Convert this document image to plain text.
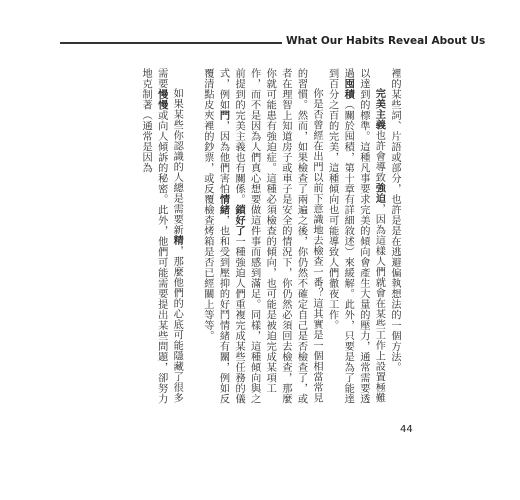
What Our Habits Reveal About Us

裡的某些詞、片語或部分，也許是是在逃避偏執想法的一個方法。

完美主義也許會導致強迫，因為這樣人們就會在某些工作上設置極難以達到的標準。這種凡事要求完美的傾向會產生大量的壓力，通常需要透過囤積（關於囤積，第十章有詳細敘述）來緩解。此外，只要是為了能達到百分之百的完美，這種傾向也可能導致人們徹夜工作。

你是否曾經在出門以前下意識地去檢查一番？這其實是一個相當常見的習慣。然而，如果檢查了兩遍之後，你仍然不確定自己是否檢查了，或者在理智上知道房子或車子是安全的情況下，你仍然必須回去檢查，那麼你就可能患有強迫症。這種必須檢查的傾向，也可能是被迫完成某項工作，而不是因為人們真心想要做這件事而感到滿足。同樣，這種傾向與之前提到的完美主義也有關係。鎖好了一種強迫人們重複完成某些任務的儀式，例如門，因為他們害怕情緒，也和受到壓抑的好鬥情緒有關，例如反覆清點皮夾裡的鈔票，或反覆檢查烤箱是否已經關上等等。

如果某些你認識的人總是需要新精，那麼他們的心底可能隱藏了很多需要慢慢或向人傾訴的秘密。此外，他們可能需要提出某些問題，卻努力地克制著（通常是因為

44
